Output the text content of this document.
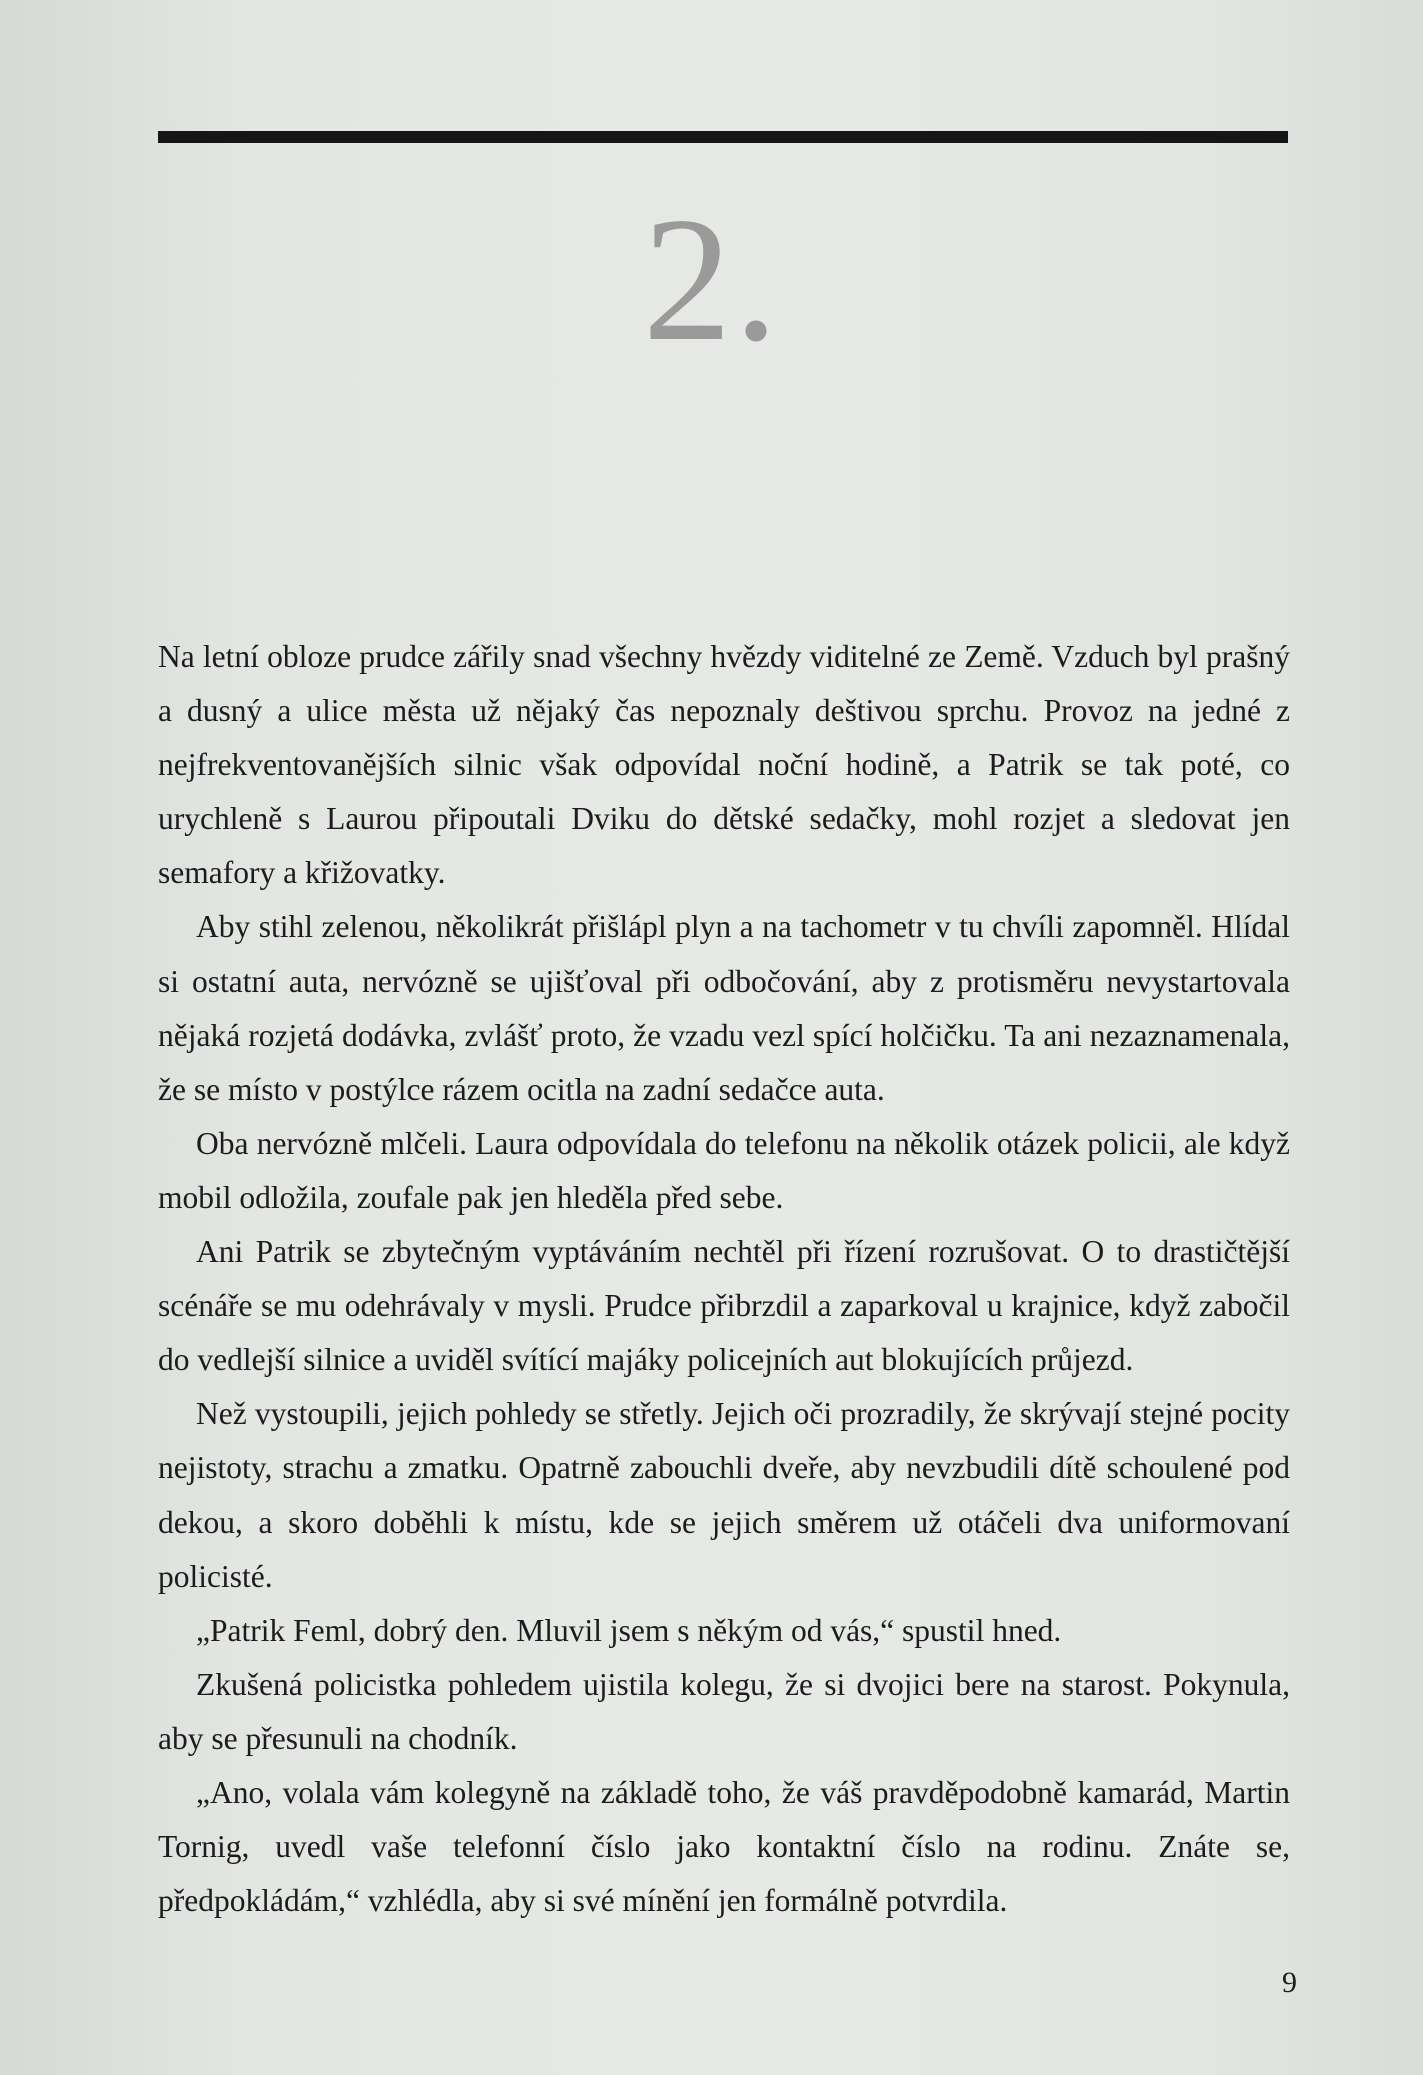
2.

Na letní obloze prudce zářily snad všechny hvězdy viditelné ze Země. Vzduch byl prašný a dusný a ulice města už nějaký čas nepoznaly deštivou sprchu. Provoz na jedné z nejfrekventovanějších silnic však odpovídal noční hodině, a Patrik se tak poté, co urychleně s Laurou připoutali Dviku do dětské sedačky, mohl rozjet a sledovat jen semafory a křižovatky.

Aby stihl zelenou, několikrát přišlápl plyn a na tachometr v tu chvíli zapomněl. Hlídal si ostatní auta, nervózně se ujišťoval při odbočování, aby z protisměru nevystartovala nějaká rozjetá dodávka, zvlášť proto, že vzadu vezl spící holčičku. Ta ani nezaznamenala, že se místo v postýlce rázem ocitla na zadní sedačce auta.

Oba nervózně mlčeli. Laura odpovídala do telefonu na několik otázek policii, ale když mobil odložila, zoufale pak jen hleděla před sebe.

Ani Patrik se zbytečným vyptáváním nechtěl při řízení rozrušovat. O to drastičtější scénáře se mu odehrávaly v mysli. Prudce přibrzdil a zaparkoval u krajnice, když zabočil do vedlejší silnice a uviděl svítící majáky policejních aut blokujících průjezd.

Než vystoupili, jejich pohledy se střetly. Jejich oči prozradily, že skrývají stejné pocity nejistoty, strachu a zmatku. Opatrně zabouchli dveře, aby nevzbudili dítě schoulené pod dekou, a skoro doběhli k místu, kde se jejich směrem už otáčeli dva uniformovaní policisté.

„Patrik Feml, dobrý den. Mluvil jsem s někým od vás,“ spustil hned.

Zkušená policistka pohledem ujistila kolegu, že si dvojici bere na starost. Pokynula, aby se přesunuli na chodník.

„Ano, volala vám kolegyně na základě toho, že váš pravděpodobně kamarád, Martin Tornig, uvedl vaše telefonní číslo jako kontaktní číslo na rodinu. Znáte se, předpokládám,“ vzhlédla, aby si své mínění jen formálně potvrdila.

9
